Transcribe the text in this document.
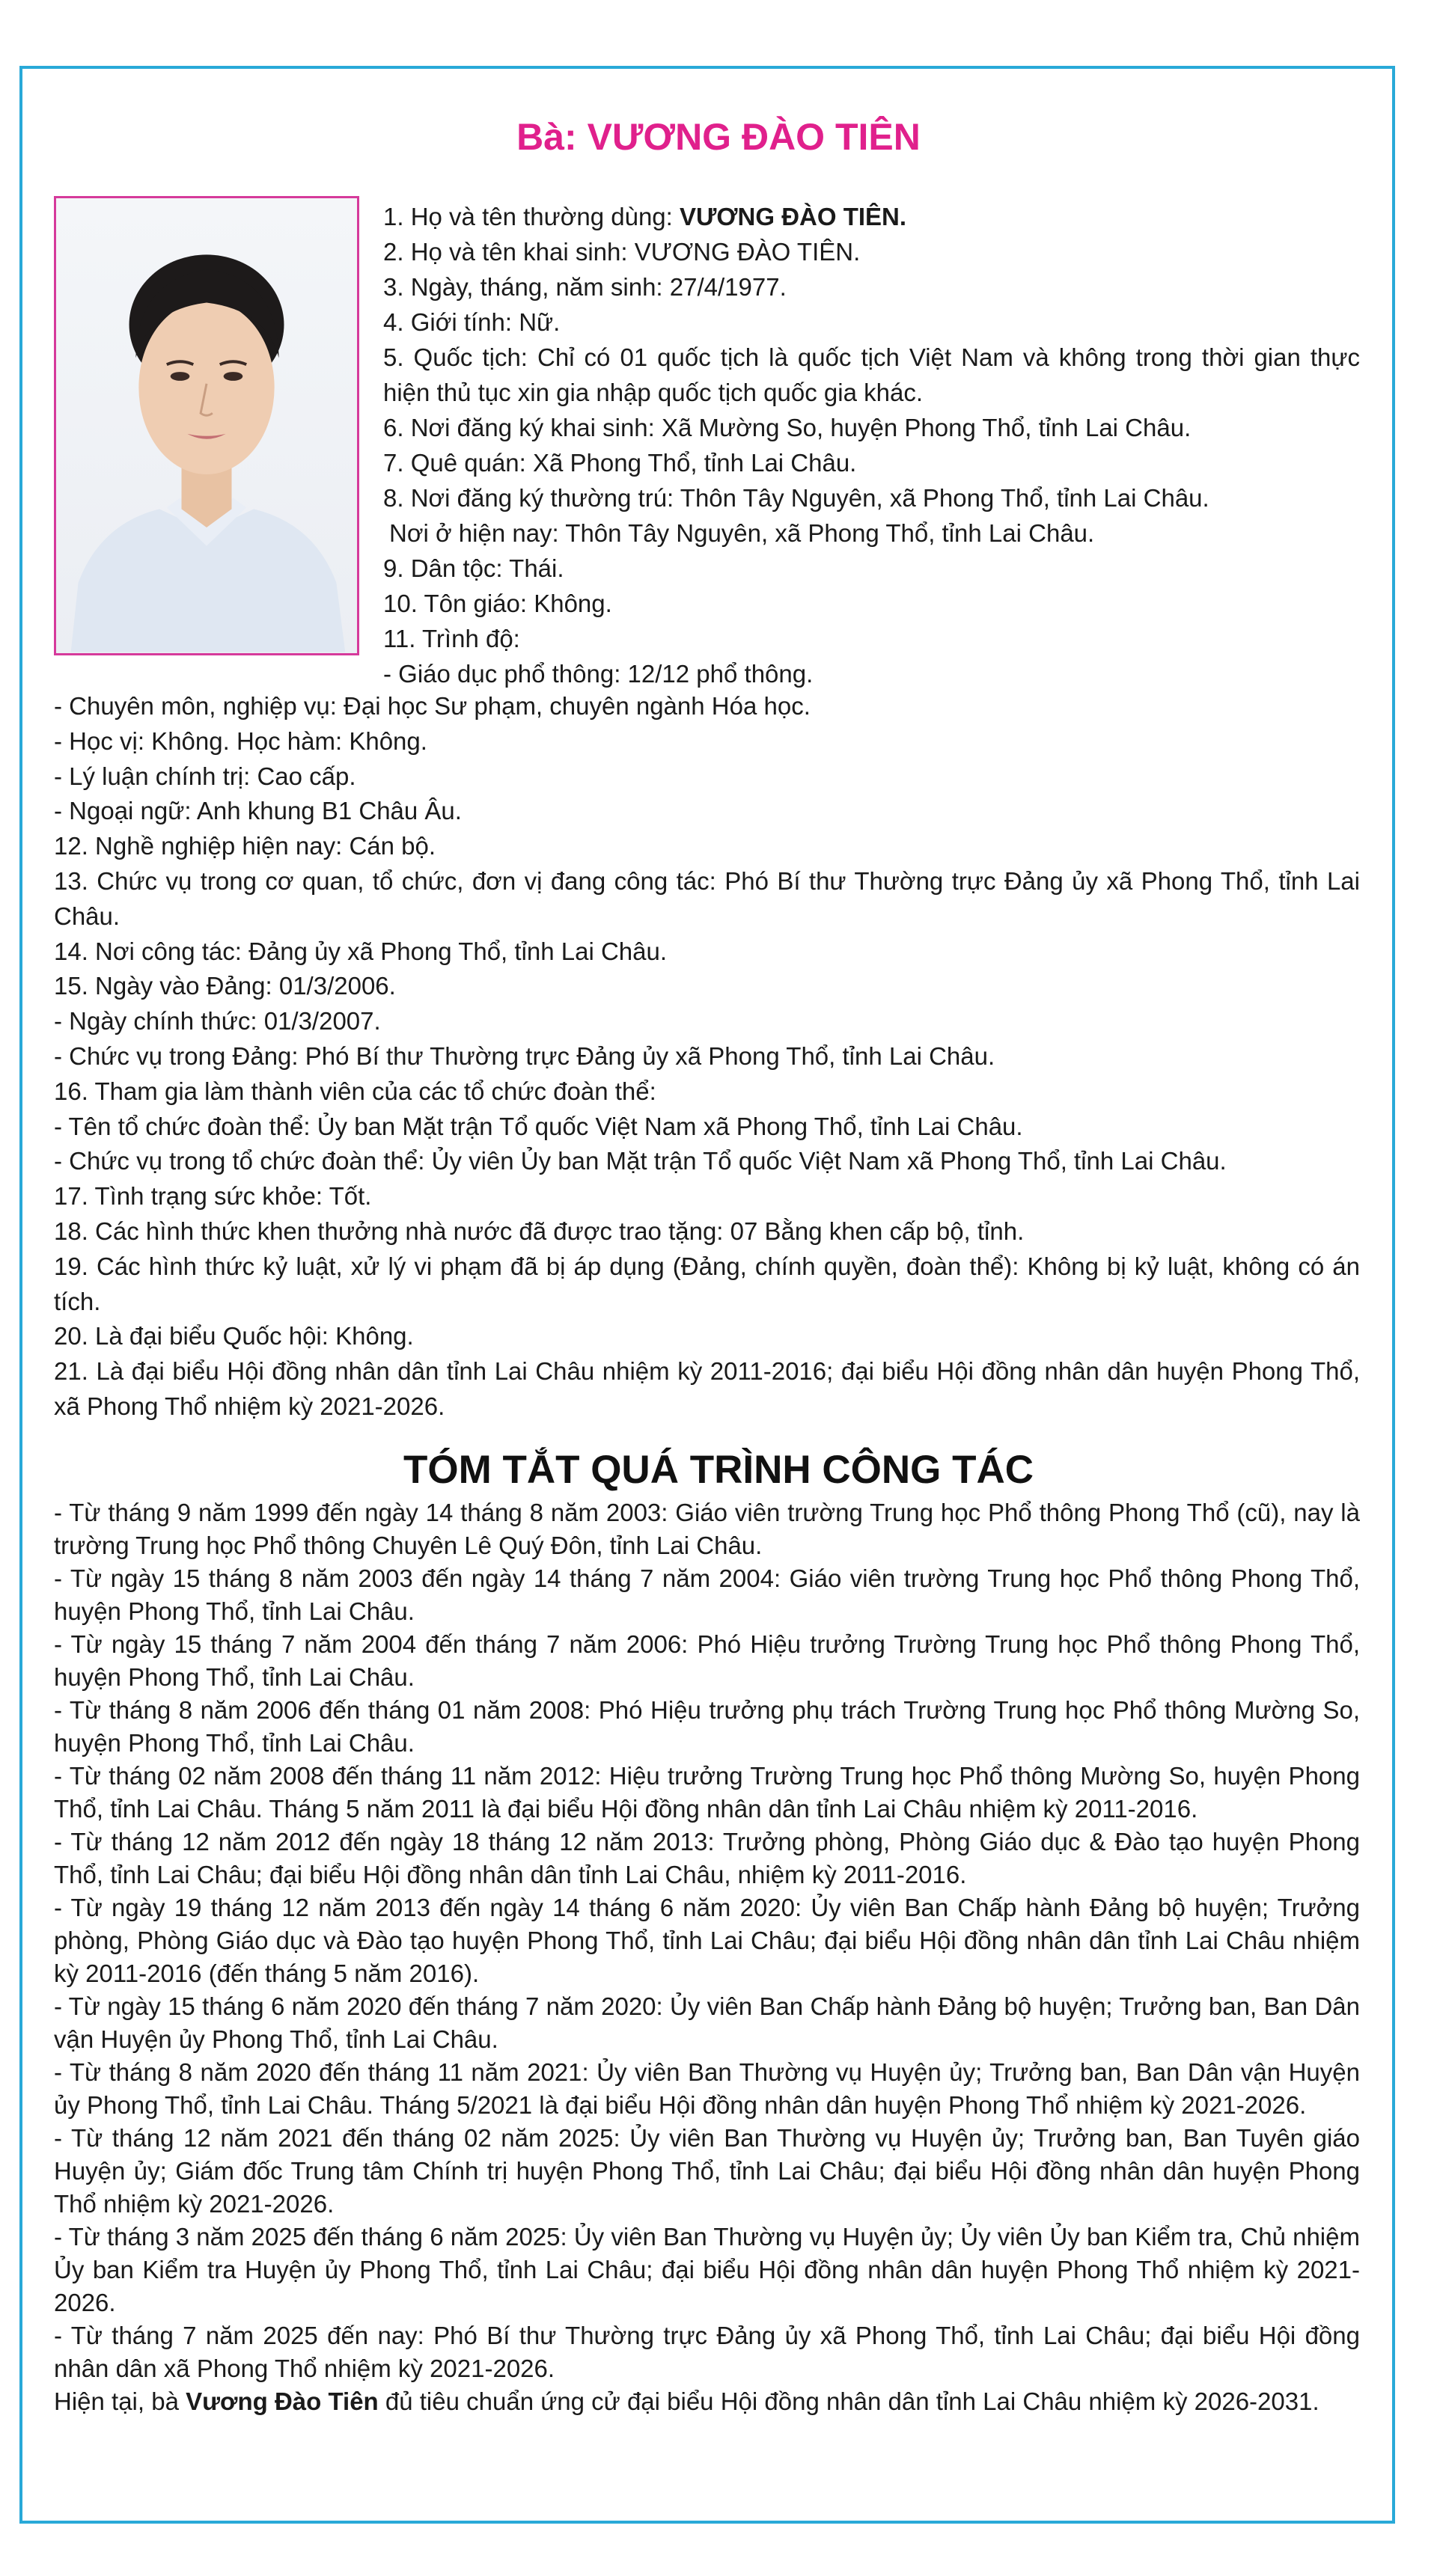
Bà: VƯƠNG ĐÀO TIÊN
1. Họ và tên thường dùng: VƯƠNG ĐÀO TIÊN.
2. Họ và tên khai sinh: VƯƠNG ĐÀO TIÊN.
3. Ngày, tháng, năm sinh: 27/4/1977.
4. Giới tính: Nữ.
5. Quốc tịch: Chỉ có 01 quốc tịch là quốc tịch Việt Nam và không trong thời gian thực hiện thủ tục xin gia nhập quốc tịch quốc gia khác.
6. Nơi đăng ký khai sinh: Xã Mường So, huyện Phong Thổ, tỉnh Lai Châu.
7. Quê quán: Xã Phong Thổ, tỉnh Lai Châu.
8. Nơi đăng ký thường trú: Thôn Tây Nguyên, xã Phong Thổ, tỉnh Lai Châu.
Nơi ở hiện nay: Thôn Tây Nguyên, xã Phong Thổ, tỉnh Lai Châu.
9. Dân tộc: Thái.
10. Tôn giáo: Không.
11. Trình độ:
- Giáo dục phổ thông: 12/12 phổ thông.
- Chuyên môn, nghiệp vụ: Đại học Sư phạm, chuyên ngành Hóa học.
- Học vị: Không. Học hàm: Không.
- Lý luận chính trị: Cao cấp.
- Ngoại ngữ: Anh khung B1 Châu Âu.
12. Nghề nghiệp hiện nay: Cán bộ.
13. Chức vụ trong cơ quan, tổ chức, đơn vị đang công tác: Phó Bí thư Thường trực Đảng ủy xã Phong Thổ, tỉnh Lai Châu.
14. Nơi công tác: Đảng ủy xã Phong Thổ, tỉnh Lai Châu.
15. Ngày vào Đảng: 01/3/2006.
- Ngày chính thức: 01/3/2007.
- Chức vụ trong Đảng: Phó Bí thư Thường trực Đảng ủy xã Phong Thổ, tỉnh Lai Châu.
16. Tham gia làm thành viên của các tổ chức đoàn thể:
- Tên tổ chức đoàn thể: Ủy ban Mặt trận Tổ quốc Việt Nam xã Phong Thổ, tỉnh Lai Châu.
- Chức vụ trong tổ chức đoàn thể: Ủy viên Ủy ban Mặt trận Tổ quốc Việt Nam xã Phong Thổ, tỉnh Lai Châu.
17. Tình trạng sức khỏe: Tốt.
18. Các hình thức khen thưởng nhà nước đã được trao tặng: 07 Bằng khen cấp bộ, tỉnh.
19. Các hình thức kỷ luật, xử lý vi phạm đã bị áp dụng (Đảng, chính quyền, đoàn thể): Không bị kỷ luật, không có án tích.
20. Là đại biểu Quốc hội: Không.
21. Là đại biểu Hội đồng nhân dân tỉnh Lai Châu nhiệm kỳ 2011-2016; đại biểu Hội đồng nhân dân huyện Phong Thổ, xã Phong Thổ nhiệm kỳ 2021-2026.
TÓM TẮT QUÁ TRÌNH CÔNG TÁC
- Từ tháng 9 năm 1999 đến ngày 14 tháng 8 năm 2003: Giáo viên trường Trung học Phổ thông Phong Thổ (cũ), nay là trường Trung học Phổ thông Chuyên Lê Quý Đôn, tỉnh Lai Châu.
- Từ ngày 15 tháng 8 năm 2003 đến ngày 14 tháng 7 năm 2004: Giáo viên trường Trung học Phổ thông Phong Thổ, huyện Phong Thổ, tỉnh Lai Châu.
- Từ ngày 15 tháng 7 năm 2004 đến tháng 7 năm 2006: Phó Hiệu trưởng Trường Trung học Phổ thông Phong Thổ, huyện Phong Thổ, tỉnh Lai Châu.
- Từ tháng 8 năm 2006 đến tháng 01 năm 2008: Phó Hiệu trưởng phụ trách Trường Trung học Phổ thông Mường So, huyện Phong Thổ, tỉnh Lai Châu.
- Từ tháng 02 năm 2008 đến tháng 11 năm 2012: Hiệu trưởng Trường Trung học Phổ thông Mường So, huyện Phong Thổ, tỉnh Lai Châu. Tháng 5 năm 2011 là đại biểu Hội đồng nhân dân tỉnh Lai Châu nhiệm kỳ 2011-2016.
- Từ tháng 12 năm 2012 đến ngày 18 tháng 12 năm 2013: Trưởng phòng, Phòng Giáo dục & Đào tạo huyện Phong Thổ, tỉnh Lai Châu; đại biểu Hội đồng nhân dân tỉnh Lai Châu, nhiệm kỳ 2011-2016.
- Từ ngày 19 tháng 12 năm 2013 đến ngày 14 tháng 6 năm 2020: Ủy viên Ban Chấp hành Đảng bộ huyện; Trưởng phòng, Phòng Giáo dục và Đào tạo huyện Phong Thổ, tỉnh Lai Châu; đại biểu Hội đồng nhân dân tỉnh Lai Châu nhiệm kỳ 2011-2016 (đến tháng 5 năm 2016).
- Từ ngày 15 tháng 6 năm 2020 đến tháng 7 năm 2020: Ủy viên Ban Chấp hành Đảng bộ huyện; Trưởng ban, Ban Dân vận Huyện ủy Phong Thổ, tỉnh Lai Châu.
- Từ tháng 8 năm 2020 đến tháng 11 năm 2021: Ủy viên Ban Thường vụ Huyện ủy; Trưởng ban, Ban Dân vận Huyện ủy Phong Thổ, tỉnh Lai Châu. Tháng 5/2021 là đại biểu Hội đồng nhân dân huyện Phong Thổ nhiệm kỳ 2021-2026.
- Từ tháng 12 năm 2021 đến tháng 02 năm 2025: Ủy viên Ban Thường vụ Huyện ủy; Trưởng ban, Ban Tuyên giáo Huyện ủy; Giám đốc Trung tâm Chính trị huyện Phong Thổ, tỉnh Lai Châu; đại biểu Hội đồng nhân dân huyện Phong Thổ nhiệm kỳ 2021-2026.
- Từ tháng 3 năm 2025 đến tháng 6 năm 2025: Ủy viên Ban Thường vụ Huyện ủy; Ủy viên Ủy ban Kiểm tra, Chủ nhiệm Ủy ban Kiểm tra Huyện ủy Phong Thổ, tỉnh Lai Châu; đại biểu Hội đồng nhân dân huyện Phong Thổ nhiệm kỳ 2021-2026.
- Từ tháng 7 năm 2025 đến nay: Phó Bí thư Thường trực Đảng ủy xã Phong Thổ, tỉnh Lai Châu; đại biểu Hội đồng nhân dân xã Phong Thổ nhiệm kỳ 2021-2026.
Hiện tại, bà Vương Đào Tiên đủ tiêu chuẩn ứng cử đại biểu Hội đồng nhân dân tỉnh Lai Châu nhiệm kỳ 2026-2031.
